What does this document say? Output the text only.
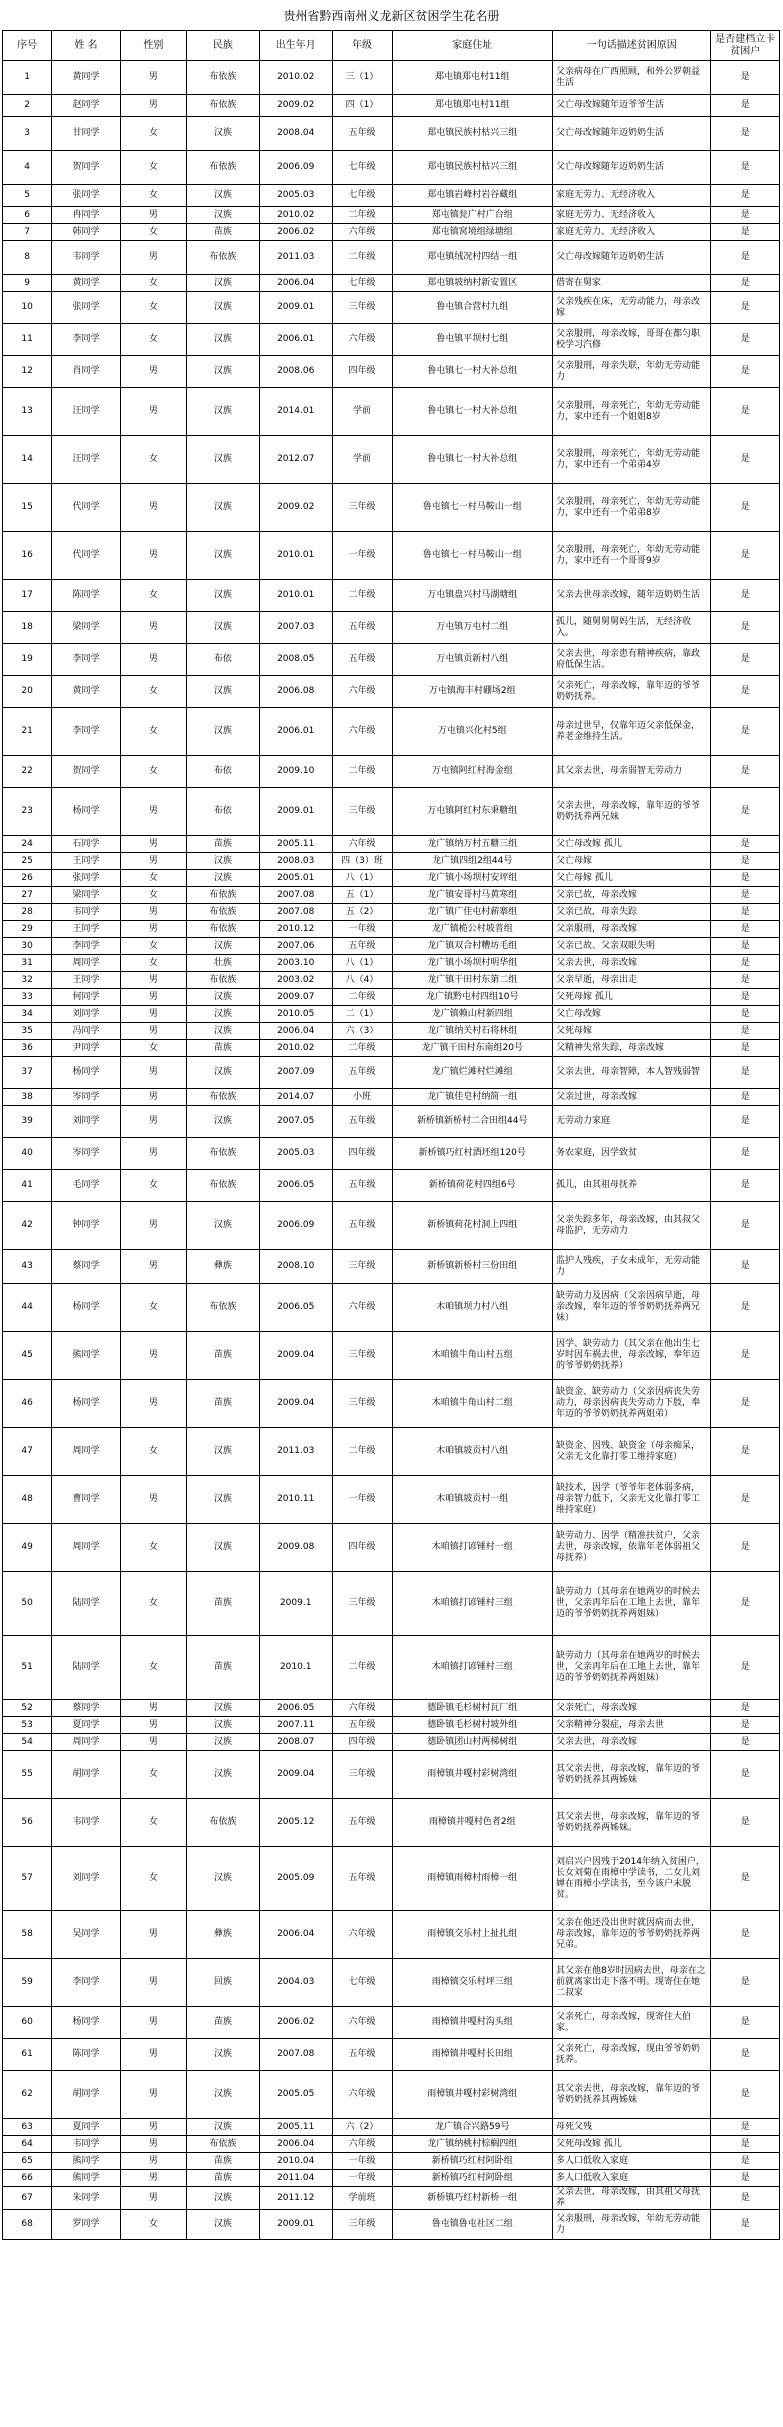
贵州省黔西南州义龙新区贫困学生花名册
序号	姓 名	性别	民族	出生年月	年级	家庭住址	一句话描述贫困原因	是否建档立卡贫困户
1	黄同学	男	布依族	2010.02	三（1）	郑屯镇郑屯村11组	父亲病母在广西照顾，和外公罗朝益生活	是
2	赵同学	男	布依族	2009.02	四（1）	郑屯镇郑屯村11组	父亡母改嫁随年迈爷爷生活	是
3	甘同学	女	汉族	2008.04	五年级	郑屯镇民族村枯兴三组	父亡母改嫁随年迈奶奶生活	是
4	贺同学	女	布依族	2006.09	七年级	郑屯镇民族村枯兴三组	父亡母改嫁随年迈奶奶生活	是
5	张同学	女	汉族	2005.03	七年级	郑屯镇岩峰村岩谷藏组	家庭无劳力、无经济收入	是
6	冉同学	男	汉族	2010.02	二年级	郑屯镇瓮广村广台组	家庭无劳力、无经济收入	是
7	韩同学	女	苗族	2006.02	六年级	郑屯镇窝境组绿塘组	家庭无劳力、无经济收入	是
8	韦同学	男	布依族	2011.03	二年级	郑屯镇绒况村四结一组	父亡母改嫁随年迈奶奶生活	是
9	黄同学	女	汉族	2006.04	七年级	郑屯镇坡纳村新安置区	借寄在舅家	是
10	张同学	女	汉族	2009.01	三年级	鲁屯镇合营村九组	父亲残疾在床，无劳动能力，母亲改嫁	是
11	李同学	女	汉族	2006.01	六年级	鲁屯镇平坝村七组	父亲服刑，母亲改嫁，哥哥在都匀职校学习汽修	是
12	肖同学	男	汉族	2008.06	四年级	鲁屯镇七一村大补总组	父亲服刑，母亲失联，年幼无劳动能力	是
13	汪同学	男	汉族	2014.01	学前	鲁屯镇七一村大补总组	父亲服刑，母亲死亡，年幼无劳动能力，家中还有一个姐姐8岁	是
14	汪同学	女	汉族	2012.07	学前	鲁屯镇七一村大补总组	父亲服刑，母亲死亡，年幼无劳动能力，家中还有一个弟弟4岁	是
15	代同学	男	汉族	2009.02	三年级	鲁屯镇七一村马鞍山一组	父亲服刑，母亲死亡，年幼无劳动能力，家中还有一个弟弟8岁	是
16	代同学	男	汉族	2010.01	一年级	鲁屯镇七一村马鞍山一组	父亲服刑，母亲死亡，年幼无劳动能力，家中还有一个哥哥9岁	是
17	陈同学	女	汉族	2010.01	二年级	万屯镇盘兴村马湖塘组	父亲去世母亲改嫁，随年迈奶奶生活	是
18	梁同学	男	汉族	2007.03	五年级	万屯镇万屯村二组	孤儿，随舅舅舅妈生活，无经济收入。	是
19	李同学	男	布依	2008.05	五年级	万屯镇贡新村八组	父亲去世，母亲患有精神疾病，靠政府低保生活。	是
20	黄同学	女	汉族	2006.08	六年级	万屯镇海丰村硼场2组	父亲死亡，母亲改嫁，靠年迈的爷爷奶奶抚养。	是
21	李同学	女	汉族	2006.01	六年级	万屯镇兴化村5组	母亲过世早，仅靠年迈父亲低保金，养老金维持生活。	是
22	贺同学	女	布依	2009.10	二年级	万屯镇阿红村海金组	其父亲去世，母亲弱智无劳动力	是
23	杨同学	男	布依	2009.01	三年级	万屯镇阿红村东秉糖组	父亲去世，母亲改嫁，靠年迈的爷爷奶奶抚养两兄妹	是
24	石同学	男	苗族	2005.11	六年级	龙广镇纳万村五糖三组	父亡母改嫁 孤儿	是
25	王同学	男	汉族	2008.03	四（3）班	龙广镇四组2组44号	父亡母嫁	是
26	张同学	女	汉族	2005.01	八（1）	龙广镇小场坝村安坪组	父亡母嫁 孤儿	是
27	梁同学	女	布依族	2007.08	五（1）	龙广镇安哥村马黄寒组	父亲已故，母亲改嫁	是
28	韦同学	男	布依族	2007.08	五（2）	龙广镇广佳屯村薪寨组	父亲已故，母亲失踪	是
29	王同学	男	布依族	2010.12	一年级	龙广镇桅公村坡普组	父亲服刑，母亲改嫁	是
30	李同学	女	汉族	2007.06	五年级	龙广镇双合村糟坊毛组	父亲已故、父亲双眼失明	是
31	周同学	女	壮族	2003.10	八（1）	龙广镇小场坝村明华组	父亲去世，母亲改嫁	是
32	王同学	男	布依族	2003.02	八（4）	龙广镇干田村东第二组	父亲早逝，母亲出走	是
33	何同学	男	汉族	2009.07	二年级	龙广镇黔屯村四组10号	父死母嫁 孤儿	是
34	刘同学	男	汉族	2010.05	二（1）	龙广镇赖山村新四组	父亡母改嫁	是
35	冯同学	男	汉族	2006.04	六（3）	龙广镇纳关村石将林组	父死母嫁	是
36	尹同学	女	苗族	2010.02	二年级	龙广镇干田村东南组20号	父精神失常失踪，母亲改嫁	是
37	杨同学	男	汉族	2007.09	五年级	龙广镇烂滩村烂滩组	父亲去世，母亲智障，本人智残弱智	是
38	岑同学	男	布依族	2014.07	小班	龙广镇佳皂村纳简一组	父亲过世，母亲改嫁	是
39	刘同学	男	汉族	2007.05	五年级	新桥镇新桥村二合田组44号	无劳动力家庭	是
40	岑同学	男	布依族	2005.03	四年级	新桥镇巧红村酒坯组120号	务农家庭，因学致贫	是
41	毛同学	女	布依族	2006.05	五年级	新桥镇荷花村四组6号	孤儿，由其祖母抚养	是
42	钟同学	男	汉族	2006.09	五年级	新桥镇荷花村洞上四组	父亲失踪多年，母亲改嫁，由其叔父母监护，无劳动力	是
43	蔡同学	男	彝族	2008.10	三年级	新桥镇新桥村三份田组	监护人残疾，子女未成年，无劳动能力	是
44	杨同学	女	布依族	2006.05	六年级	木咱镇坝力村八组	缺劳动力及因病（父亲因病早逝，母亲改嫁，奉年迈的爷爷奶奶抚养两兄妹）	是
45	熊同学	男	苗族	2009.04	三年级	木咱镇牛角山村五组	因学、缺劳动力（其父亲在他出生七岁时因车祸去世，母亲改嫁，奉年迈的爷爷奶奶抚养）	是
46	杨同学	男	苗族	2009.04	三年级	木咱镇牛角山村二组	缺资金、缺劳动力（父亲因病丧失劳动力，母亲因病丧失劳动力下肢，奉年迈的爷爷奶奶抚养两姐弟）	是
47	周同学	女	汉族	2011.03	二年级	木咱镇坡贡村八组	缺资金、因残、缺资金（母亲痴呆，父亲无文化靠打零工维持家庭）	是
48	曹同学	男	汉族	2010.11	一年级	木咱镇坡贡村一组	缺技术，因学（爷爷年老体弱多病，母亲智力低下，父亲无文化靠打零工维持家庭）	是
49	周同学	女	汉族	2009.08	四年级	木咱镇打谚锤村一组	缺劳动力、因学（精准扶贫户，父亲去世，母亲改嫁，依靠年老体弱祖父母抚养）	是
50	陆同学	女	苗族	2009.1	三年级	木咱镇打谚锤村三组	缺劳动力（其母亲在她两岁的时候去世，父亲再年后在工地上去世，靠年迈的爷爷奶奶抚养两姐妹）	是
51	陆同学	女	苗族	2010.1	二年级	木咱镇打谚锤村三组	缺劳动力（其母亲在她两岁的时候去世，父亲再年后在工地上去世，靠年迈的爷爷奶奶抚养两姐妹）	是
52	蔡同学	男	汉族	2006.05	六年级	德卧镇毛杉树村瓦厂组	父亲死亡，母亲改嫁	是
53	夏同学	男	汉族	2007.11	五年级	德卧镇毛杉树村坡外组	父亲精神分裂症，母亲去世	是
54	周同学	男	汉族	2008.07	四年级	德卧镇团山村两梯树组	父亲去世，母亲改嫁	是
55	胡同学	女	汉族	2009.04	三年级	雨樟镇井嘎村彩树湾组	其父亲去世，母亲改嫁，靠年迈的爷爷奶奶抚养其两姊妹	是
56	韦同学	女	布依族	2005.12	五年级	雨樟镇井嘎村色者2组	其父亲去世，母亲改嫁，靠年迈的爷爷奶奶抚养两姊妹。	是
57	刘同学	女	汉族	2005.09	五年级	雨樟镇雨樟村雨樟一组	刘启兴户因残于2014年纳入贫困户，长女刘菊在雨樟中学读书，二女儿刘婵在雨樟小学读书，至今该户未脱贫。	是
58	吴同学	男	彝族	2006.04	六年级	雨樟镇交乐村上扯扎组	父亲在他还没出世时就因病而去世，母亲改嫁，靠年迈的爷爷奶奶抚养两兄弟。	是
59	李同学	男	回族	2004.03	七年级	雨樟镇交乐村坪三组	其父亲在他8岁时因病去世，母亲在之前就离家出走下落不明。现寄住在她二叔家	是
60	杨同学	男	苗族	2006.02	六年级	雨樟镇井嘎村沟头组	父亲死亡，母亲改嫁，现寄住大伯家。	是
61	陈同学	男	汉族	2007.08	五年级	雨樟镇井嘎村长田组	父亲死亡，母亲改嫁，现由爷爷奶奶抚养。	是
62	胡同学	男	汉族	2005.05	六年级	雨樟镇井嘎村彩树湾组	其父亲去世，母亲改嫁，靠年迈的爷爷奶奶抚养其两姊妹	是
63	夏同学	男	汉族	2005.11	六（2）	龙广镇合兴路59号	母死父残	是
64	韦同学	男	布依族	2006.04	六年级	龙广镇纳桃村棕榈四组	父死母改嫁 孤儿	是
65	熊同学	男	苗族	2010.04	一年级	新桥镇巧红村阿卧组	多人口低收入家庭	是
66	熊同学	男	苗族	2011.04	一年级	新桥镇巧红村阿卧组	多人口低收入家庭	是
67	朱同学	男	汉族	2011.12	学前班	新桥镇巧红村新桥一组	父亲去世，母亲改嫁，由其祖父母抚养	是
68	罗同学	女	汉族	2009.01	三年级	鲁屯镇鲁屯社区二组	父亲服刑，母亲改嫁，年幼无劳动能力	是
